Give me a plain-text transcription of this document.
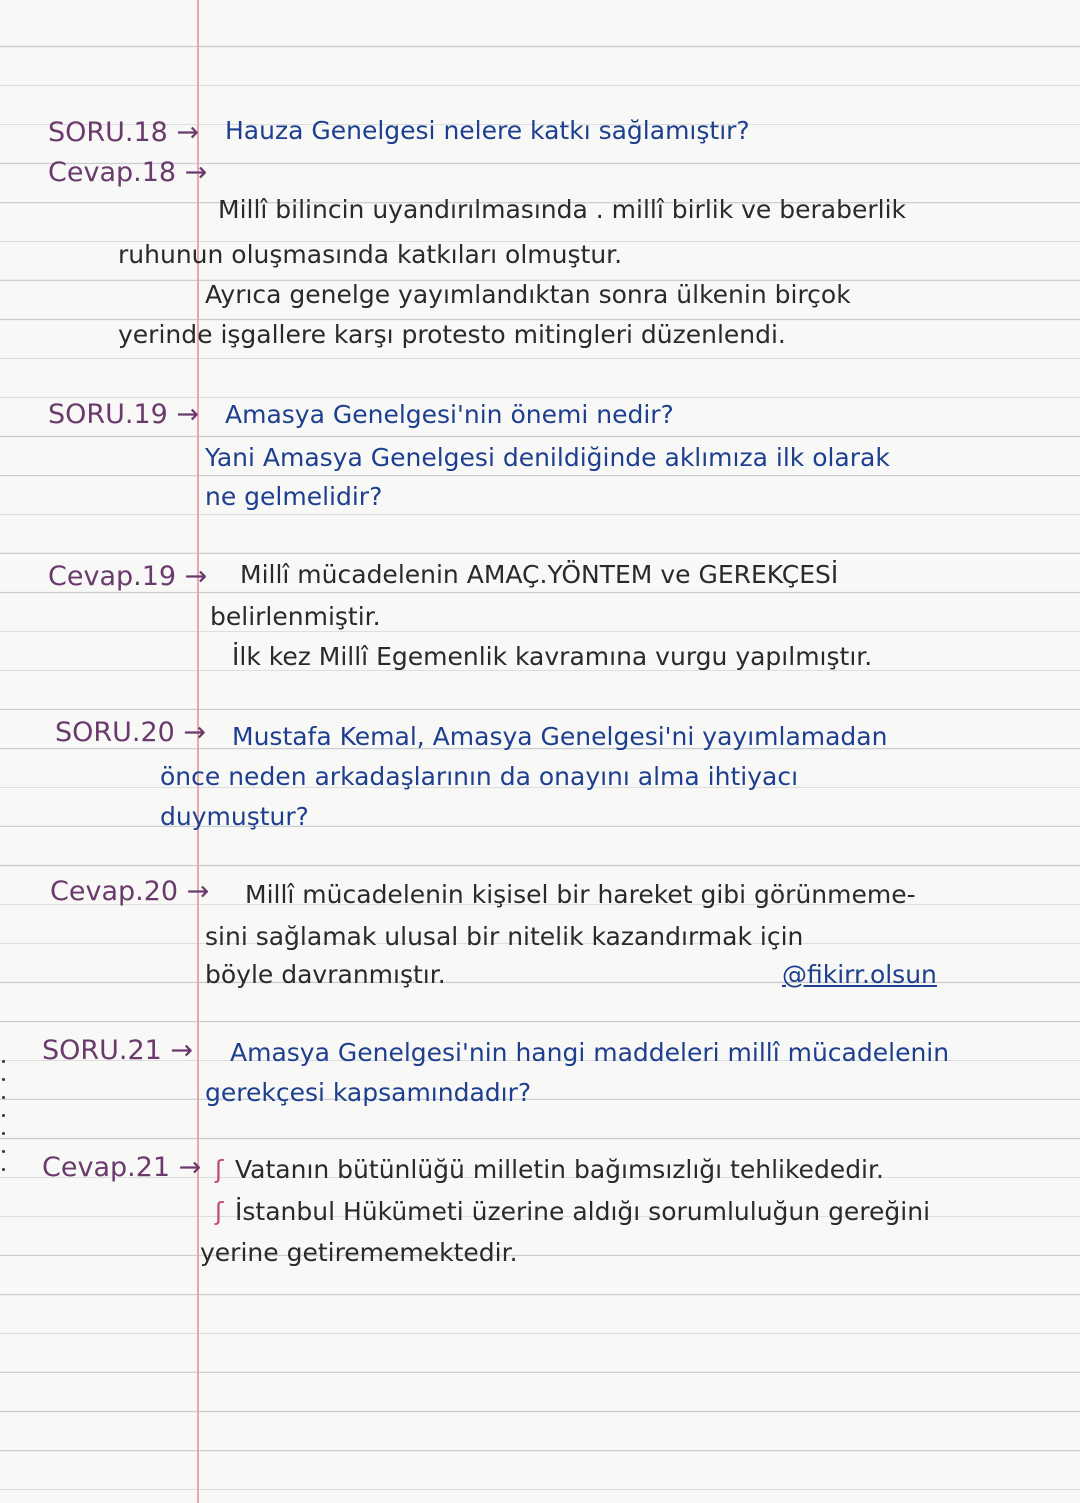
SORU.18 → Hauza Genelgesi nelere katkı sağlamıştır?
Cevap.18 →
Millî bilincin uyandırılmasında . millî birlik ve beraberlik
ruhunun oluşmasında katkıları olmuştur.
Ayrıca genelge yayımlandıktan sonra ülkenin birçok
yerinde işgallere karşı protesto mitingleri düzenlendi.
SORU.19 → Amasya Genelgesi'nin önemi nedir?
Yani Amasya Genelgesi denildiğinde aklımıza ilk olarak
ne gelmelidir?
Cevap.19 → Millî mücadelenin AMAÇ.YÖNTEM ve GEREKÇESİ
belirlenmiştir.
İlk kez Millî Egemenlik kavramına vurgu yapılmıştır.
SORU.20 → Mustafa Kemal, Amasya Genelgesi'ni yayımlamadan
önce neden arkadaşlarının da onayını alma ihtiyacı
duymuştur?
Cevap.20 → Millî mücadelenin kişisel bir hareket gibi görünmeme-
sini sağlamak ulusal bir nitelik kazandırmak için
böyle davranmıştır.	@fikirr.olsun
SORU.21 → Amasya Genelgesi'nin hangi maddeleri millî mücadelenin
gerekçesi kapsamındadır?
Cevap.21 → ʃ Vatanın bütünlüğü milletin bağımsızlığı tehlikededir.
ʃ İstanbul Hükümeti üzerine aldığı sorumluluğun gereğini
yerine getirememektedir.
